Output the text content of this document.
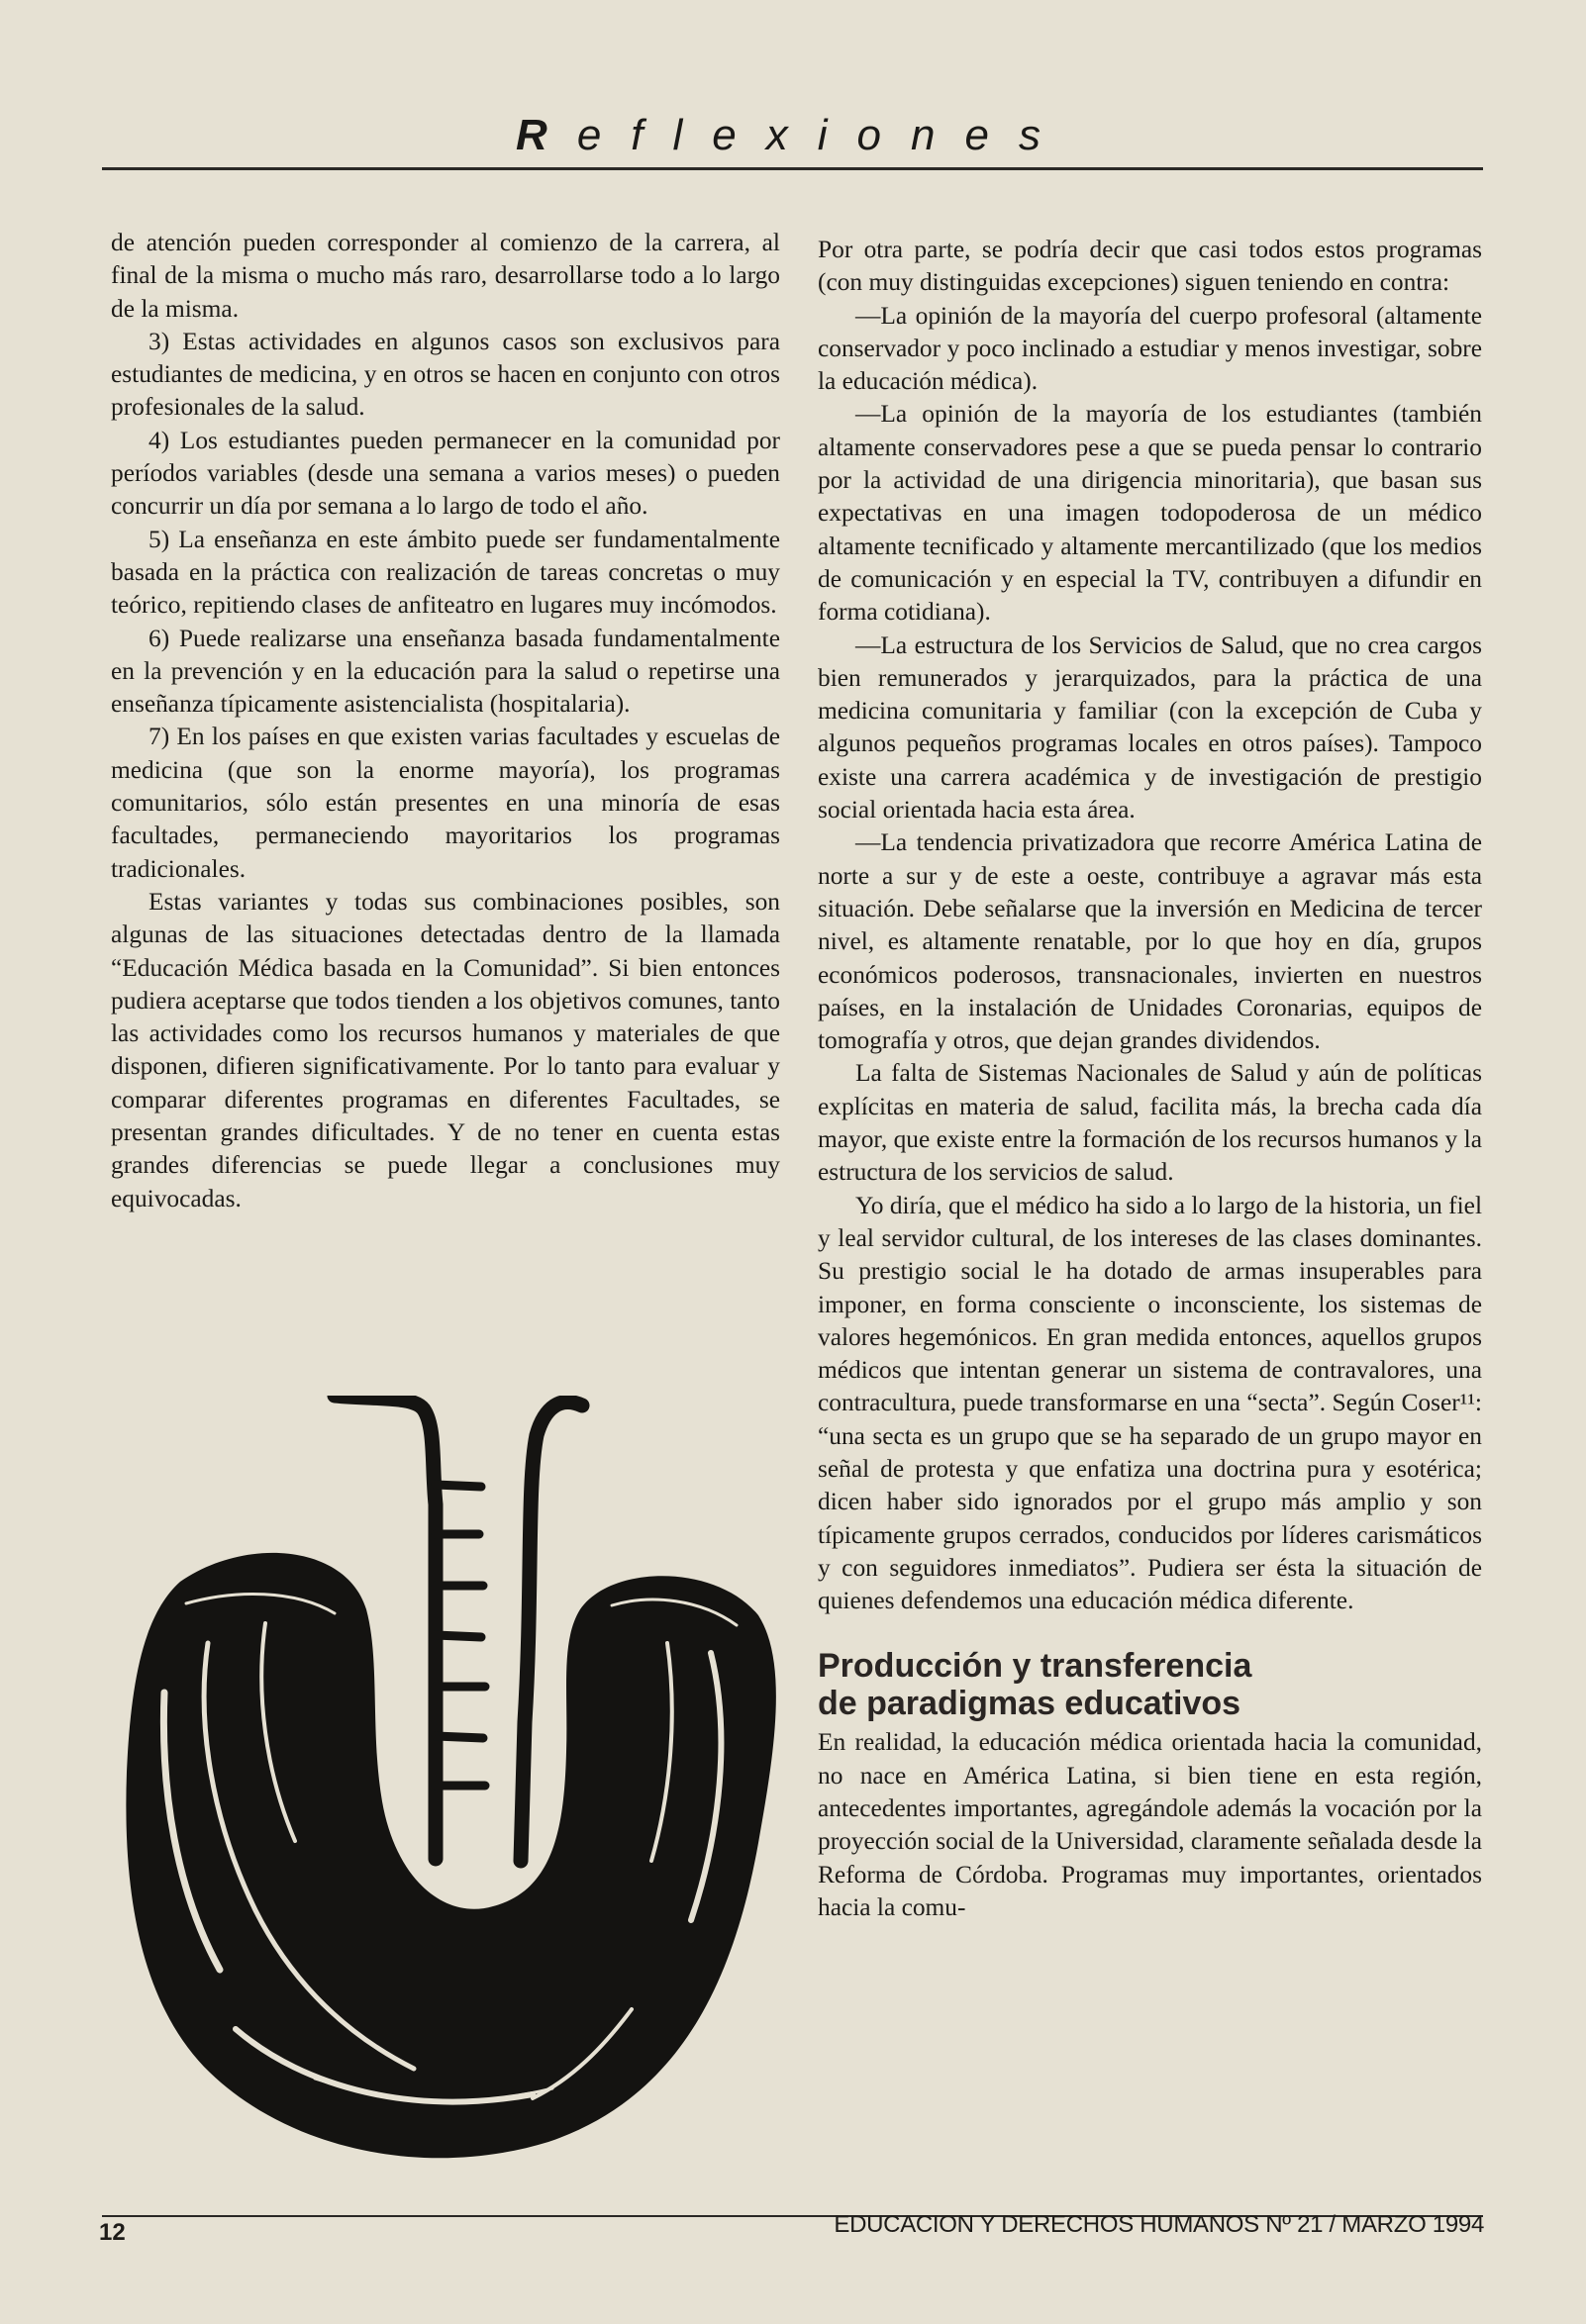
Reflexiones

de atención pueden corresponder al comienzo de la carrera, al final de la misma o mucho más raro, desarrollarse todo a lo largo de la misma.

3) Estas actividades en algunos casos son exclusivos para estudiantes de medicina, y en otros se hacen en conjunto con otros profesionales de la salud.

4) Los estudiantes pueden permanecer en la comunidad por períodos variables (desde una semana a varios meses) o pueden concurrir un día por semana a lo largo de todo el año.

5) La enseñanza en este ámbito puede ser fundamentalmente basada en la práctica con realización de tareas concretas o muy teórico, repitiendo clases de anfiteatro en lugares muy incómodos.

6) Puede realizarse una enseñanza basada fundamentalmente en la prevención y en la educación para la salud o repetirse una enseñanza típicamente asistencialista (hospitalaria).

7) En los países en que existen varias facultades y escuelas de medicina (que son la enorme mayoría), los programas comunitarios, sólo están presentes en una minoría de esas facultades, permaneciendo mayoritarios los programas tradicionales.

Estas variantes y todas sus combinaciones posibles, son algunas de las situaciones detectadas dentro de la llamada “Educación Médica basada en la Comunidad”. Si bien entonces pudiera aceptarse que todos tienden a los objetivos comunes, tanto las actividades como los recursos humanos y materiales de que disponen, difieren significativamente. Por lo tanto para evaluar y comparar diferentes programas en diferentes Facultades, se presentan grandes dificultades. Y de no tener en cuenta estas grandes diferencias se puede llegar a conclusiones muy equivocadas.

Por otra parte, se podría decir que casi todos estos programas (con muy distinguidas excepciones) siguen teniendo en contra:

—La opinión de la mayoría del cuerpo profesoral (altamente conservador y poco inclinado a estudiar y menos investigar, sobre la educación médica).

—La opinión de la mayoría de los estudiantes (también altamente conservadores pese a que se pueda pensar lo contrario por la actividad de una dirigencia minoritaria), que basan sus expectativas en una imagen todopoderosa de un médico altamente tecnificado y altamente mercantilizado (que los medios de comunicación y en especial la TV, contribuyen a difundir en forma cotidiana).

—La estructura de los Servicios de Salud, que no crea cargos bien remunerados y jerarquizados, para la práctica de una medicina comunitaria y familiar (con la excepción de Cuba y algunos pequeños programas locales en otros países). Tampoco existe una carrera académica y de investigación de prestigio social orientada hacia esta área.

—La tendencia privatizadora que recorre América Latina de norte a sur y de este a oeste, contribuye a agravar más esta situación. Debe señalarse que la inversión en Medicina de tercer nivel, es altamente renatable, por lo que hoy en día, grupos económicos poderosos, transnacionales, invierten en nuestros países, en la instalación de Unidades Coronarias, equipos de tomografía y otros, que dejan grandes dividendos.

La falta de Sistemas Nacionales de Salud y aún de políticas explícitas en materia de salud, facilita más, la brecha cada día mayor, que existe entre la formación de los recursos humanos y la estructura de los servicios de salud.

Yo diría, que el médico ha sido a lo largo de la historia, un fiel y leal servidor cultural, de los intereses de las clases dominantes. Su prestigio social le ha dotado de armas insuperables para imponer, en forma consciente o inconsciente, los sistemas de valores hegemónicos. En gran medida entonces, aquellos grupos médicos que intentan generar un sistema de contravalores, una contracultura, puede transformarse en una “secta”. Según Coser¹¹: “una secta es un grupo que se ha separado de un grupo mayor en señal de protesta y que enfatiza una doctrina pura y esotérica; dicen haber sido ignorados por el grupo más amplio y son típicamente grupos cerrados, conducidos por líderes carismáticos y con seguidores inmediatos”. Pudiera ser ésta la situación de quienes defendemos una educación médica diferente.

Producción y transferencia
de paradigmas educativos

En realidad, la educación médica orientada hacia la comunidad, no nace en América Latina, si bien tiene en esta región, antecedentes importantes, agregándole además la vocación por la proyección social de la Universidad, claramente señalada desde la Reforma de Córdoba. Programas muy importantes, orientados hacia la comu-

12	EDUCACION Y DERECHOS HUMANOS Nº 21 / MARZO 1994
